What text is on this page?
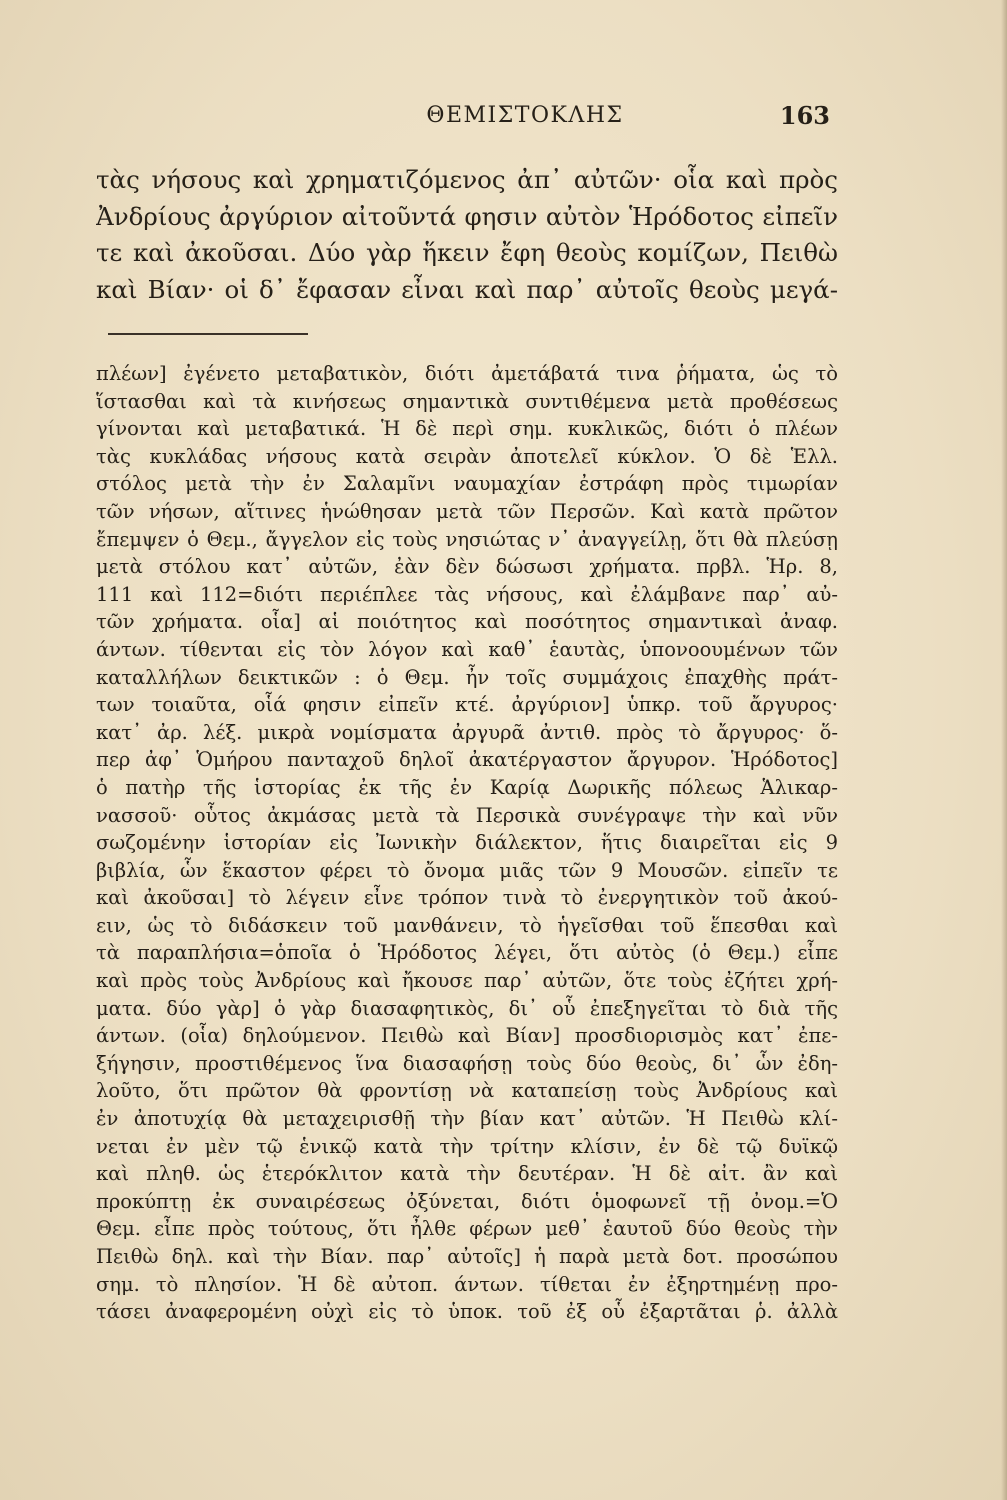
ΘΕΜΙΣΤΟΚΛΗΣ	163
τὰς νήσους καὶ χρηματιζόμενος ἀπ᾿ αὐτῶν· οἷα καὶ πρὸς
Ἀνδρίους ἀργύριον αἰτοῦντά φησιν αὐτὸν Ἡρόδοτος εἰπεῖν
τε καὶ ἀκοῦσαι. Δύο γὰρ ἥκειν ἔφη θεοὺς κομίζων, Πειθὼ
καὶ Βίαν· οἱ δ᾿ ἔφασαν εἶναι καὶ παρ᾿ αὐτοῖς θεοὺς μεγά-
πλέων] ἐγένετο μεταβατικὸν, διότι ἀμετάβατά τινα ῥήματα, ὡς τὸ
ἵστασθαι καὶ τὰ κινήσεως σημαντικὰ συντιθέμενα μετὰ προθέσεως
γίνονται καὶ μεταβατικά. Ἡ δὲ περὶ σημ. κυκλικῶς, διότι ὁ πλέων
τὰς κυκλάδας νήσους κατὰ σειρὰν ἀποτελεῖ κύκλον. Ὁ δὲ Ἑλλ.
στόλος μετὰ τὴν ἐν Σαλαμῖνι ναυμαχίαν ἐστράφη πρὸς τιμωρίαν
τῶν νήσων, αἵτινες ἡνώθησαν μετὰ τῶν Περσῶν. Καὶ κατὰ πρῶτον
ἔπεμψεν ὁ Θεμ., ἄγγελον εἰς τοὺς νησιώτας ν᾿ ἀναγγείλῃ, ὅτι θὰ πλεύσῃ
μετὰ στόλου κατ᾿ αὐτῶν, ἐὰν δὲν δώσωσι χρήματα. πρβλ. Ἡρ. 8,
111 καὶ 112=διότι περιέπλεε τὰς νήσους, καὶ ἐλάμβανε παρ᾿ αὐ-
τῶν χρήματα. οἷα] αἱ ποιότητος καὶ ποσότητος σημαντικαὶ ἀναφ.
άντων. τίθενται εἰς τὸν λόγον καὶ καθ᾿ ἑαυτὰς, ὑπονοουμένων τῶν
καταλλήλων δεικτικῶν : ὁ Θεμ. ἦν τοῖς συμμάχοις ἐπαχθὴς πράτ-
των τοιαῦτα, οἷά φησιν εἰπεῖν κτέ. ἀργύριον] ὑπκρ. τοῦ ἄργυρος·
κατ᾿ ἀρ. λέξ. μικρὰ νομίσματα ἀργυρᾶ ἀντιθ. πρὸς τὸ ἄργυρος· ὅ-
περ ἀφ᾿ Ὁμήρου πανταχοῦ δηλοῖ ἀκατέργαστον ἄργυρον. Ἡρόδοτος]
ὁ πατὴρ τῆς ἱστορίας ἐκ τῆς ἐν Καρίᾳ Δωρικῆς πόλεως Ἁλικαρ-
νασσοῦ· οὗτος ἀκμάσας μετὰ τὰ Περσικὰ συνέγραψε τὴν καὶ νῦν
σωζομένην ἱστορίαν εἰς Ἰωνικὴν διάλεκτον, ἥτις διαιρεῖται εἰς 9
βιβλία, ὧν ἕκαστον φέρει τὸ ὄνομα μιᾶς τῶν 9 Μουσῶν. εἰπεῖν τε
καὶ ἀκοῦσαι] τὸ λέγειν εἶνε τρόπον τινὰ τὸ ἐνεργητικὸν τοῦ ἀκού-
ειν, ὡς τὸ διδάσκειν τοῦ μανθάνειν, τὸ ἡγεῖσθαι τοῦ ἕπεσθαι καὶ
τὰ παραπλήσια=ὁποῖα ὁ Ἡρόδοτος λέγει, ὅτι αὐτὸς (ὁ Θεμ.) εἶπε
καὶ πρὸς τοὺς Ἀνδρίους καὶ ἤκουσε παρ᾿ αὐτῶν, ὅτε τοὺς ἐζήτει χρή-
ματα. δύο γὰρ] ὁ γὰρ διασαφητικὸς, δι᾿ οὗ ἐπεξηγεῖται τὸ διὰ τῆς
άντων. (οἷα) δηλούμενον. Πειθὼ καὶ Βίαν] προσδιορισμὸς κατ᾿ ἐπε-
ξήγησιν, προστιθέμενος ἵνα διασαφήσῃ τοὺς δύο θεοὺς, δι᾿ ὧν ἐδη-
λοῦτο, ὅτι πρῶτον θὰ φροντίσῃ νὰ καταπείσῃ τοὺς Ἀνδρίους καὶ
ἐν ἀποτυχίᾳ θὰ μεταχειρισθῇ τὴν βίαν κατ᾿ αὐτῶν. Ἡ Πειθὼ κλί-
νεται ἐν μὲν τῷ ἑνικῷ κατὰ τὴν τρίτην κλίσιν, ἐν δὲ τῷ δυϊκῷ
καὶ πληθ. ὡς ἑτερόκλιτον κατὰ τὴν δευτέραν. Ἡ δὲ αἰτ. ἂν καὶ
προκύπτῃ ἐκ συναιρέσεως ὀξύνεται, διότι ὁμοφωνεῖ τῇ ὀνομ.=Ὁ
Θεμ. εἶπε πρὸς τούτους, ὅτι ἦλθε φέρων μεθ᾿ ἑαυτοῦ δύο θεοὺς τὴν
Πειθὼ δηλ. καὶ τὴν Βίαν. παρ᾿ αὐτοῖς] ἡ παρὰ μετὰ δοτ. προσώπου
σημ. τὸ πλησίον. Ἡ δὲ αὐτοπ. άντων. τίθεται ἐν ἐξηρτημένῃ προ-
τάσει ἀναφερομένη οὐχὶ εἰς τὸ ὑποκ. τοῦ ἐξ οὗ ἐξαρτᾶται ῥ. ἀλλὰ
